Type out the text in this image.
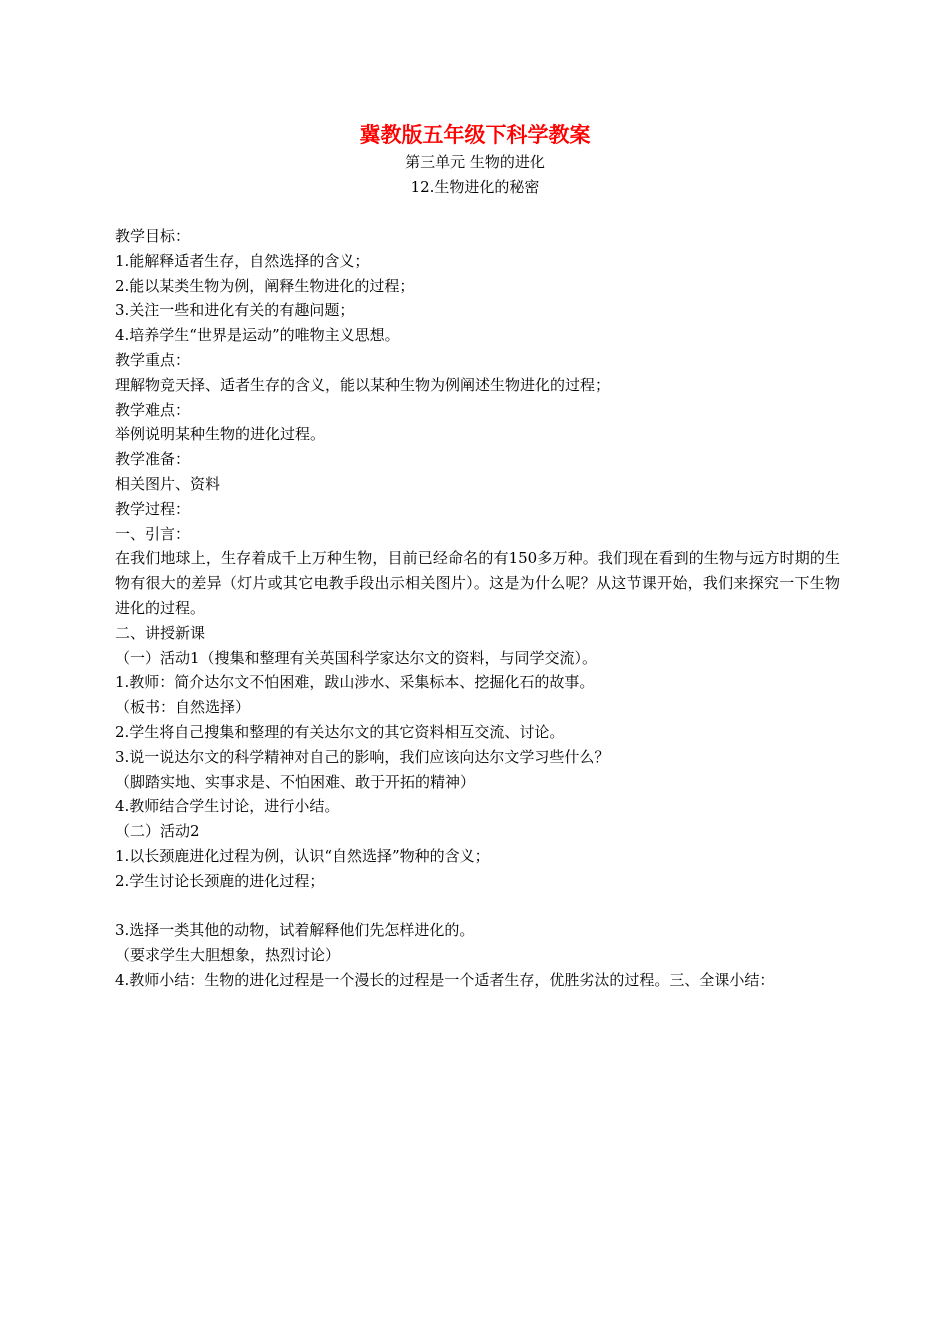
冀教版五年级下科学教案
第三单元 生物的进化
12.生物进化的秘密

教学目标：

1.能解释适者生存，自然选择的含义；

2.能以某类生物为例，阐释生物进化的过程；

3.关注一些和进化有关的有趣问题；

4.培养学生“世界是运动”的唯物主义思想。

教学重点：

理解物竞天择、适者生存的含义，能以某种生物为例阐述生物进化的过程；

教学难点：

举例说明某种生物的进化过程。

教学准备：

相关图片、资料

教学过程：

一、引言：

在我们地球上，生存着成千上万种生物，目前已经命名的有150多万种。我们现在看到的生物与远方时期的生物有很大的差异（灯片或其它电教手段出示相关图片）。这是为什么呢？从这节课开始，我们来探究一下生物进化的过程。

二、讲授新课

（一）活动1（搜集和整理有关英国科学家达尔文的资料，与同学交流）。

1.教师：简介达尔文不怕困难，跋山涉水、采集标本、挖掘化石的故事。

（板书：自然选择）

2.学生将自己搜集和整理的有关达尔文的其它资料相互交流、讨论。

3.说一说达尔文的科学精神对自己的影响，我们应该向达尔文学习些什么？

（脚踏实地、实事求是、不怕困难、敢于开拓的精神）

4.教师结合学生讨论，进行小结。

（二）活动2

1.以长颈鹿进化过程为例，认识“自然选择”物种的含义；

2.学生讨论长颈鹿的进化过程；

3.选择一类其他的动物，试着解释他们先怎样进化的。

（要求学生大胆想象，热烈讨论）

4.教师小结：生物的进化过程是一个漫长的过程是一个适者生存，优胜劣汰的过程。三、全课小结：
